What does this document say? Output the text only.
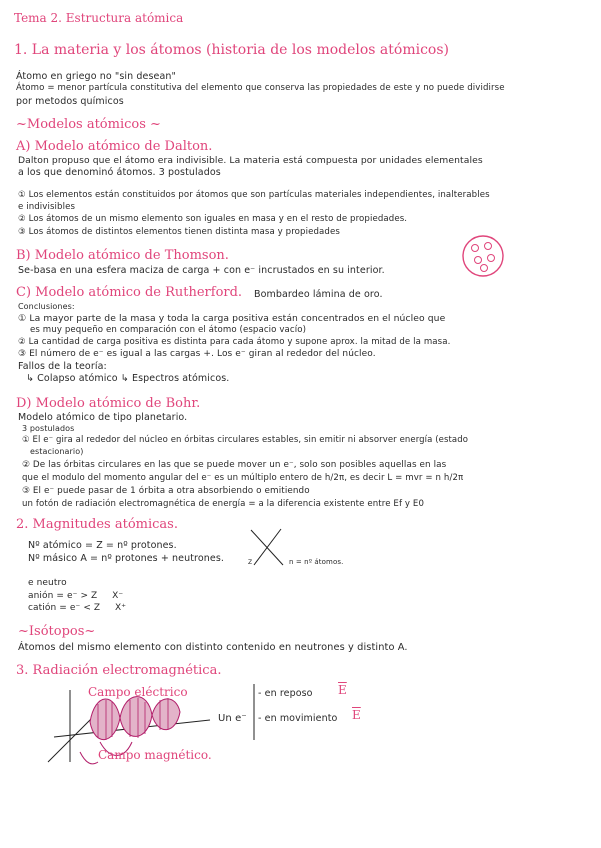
Tema 2. Estructura atómica
1. La materia y los átomos (historia de los modelos atómicos)
Átomo en griego no "sin desean"
Átomo = menor partícula constitutiva del elemento que conserva las propiedades de este y no puede dividirse
por metodos químicos
~Modelos atómicos ~
A) Modelo atómico de Dalton.
Dalton propuso que el átomo era indivisible. La materia está compuesta por unidades elementales
a los que denominó átomos. 3 postulados
① Los elementos están constituidos por átomos que son partículas materiales independientes, inalterables
e indivisibles
② Los átomos de un mismo elemento son iguales en masa y en el resto de propiedades.
③ Los átomos de distintos elementos tienen distinta masa y propiedades
B) Modelo atómico de Thomson.
Se-basa en una esfera maciza de carga + con e⁻ incrustados en su interior.
C) Modelo atómico de Rutherford. Bombardeo lámina de oro.
Conclusiones:
① La mayor parte de la masa y toda la carga positiva están concentrados en el núcleo que
es muy pequeño en comparación con el átomo (espacio vacío)
② La cantidad de carga positiva es distinta para cada átomo y supone aprox. la mitad de la masa.
③ El número de e⁻ es igual a las cargas +. Los e⁻ giran al rededor del núcleo.
Fallos de la teoría:
↳ Colapso atómico ↳ Espectros atómicos.
D) Modelo atómico de Bohr.
Modelo atómico de tipo planetario.
3 postulados
① El e⁻ gira al rededor del núcleo en órbitas circulares estables, sin emitir ni absorver energía (estado
estacionario)
② De las órbitas circulares en las que se puede mover un e⁻, solo son posibles aquellas en las
que el modulo del momento angular del e⁻ es un múltiplo entero de h/2π, es decir L = mvr = n h/2π
③ El e⁻ puede pasar de 1 órbita a otra absorbiendo o emitiendo
un fotón de radiación electromagnética de energía = a la diferencia existente entre Ef y E0
2. Magnitudes atómicas.
Nº atómico = Z = nº protones.
Nº másico A = nº protones + neutrones.	Z	n = nº átomos.
e neutro
anión = e⁻ > Z     X⁻
catión = e⁻ < Z     X⁺
~Isótopos~
Átomos del mismo elemento con distinto contenido en neutrones y distinto A.
3. Radiación electromagnética.
Campo eléctrico
Campo magnético.
Un e⁻
- en reposo $\overline{E}$
- en movimiento $\overline{E}$
